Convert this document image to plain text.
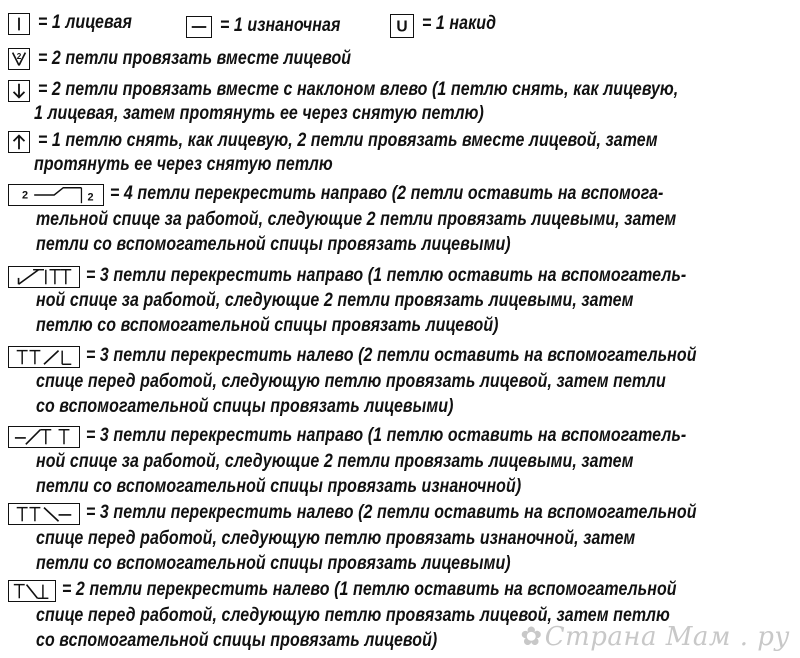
= 1 лицевая	= 1 изнаночная	U = 1 накид
2 = 2 петли провязать вместе лицевой
= 2 петли провязать вместе с наклоном влево (1 петлю снять, как лицевую,
1 лицевая, затем протянуть ее через снятую петлю)
= 1 петлю снять, как лицевую, 2 петли провязать вместе лицевой, затем
протянуть ее через снятую петлю
2	2 = 4 петли перекрестить направо (2 петли оставить на вспомога-
тельной спице за работой, следующие 2 петли провязать лицевыми, затем
петли со вспомогательной спицы провязать лицевыми)
= 3 петли перекрестить направо (1 петлю оставить на вспомогатель-
ной спице за работой, следующие 2 петли провязать лицевыми, затем
петлю со вспомогательной спицы провязать лицевой)
= 3 петли перекрестить налево (2 петли оставить на вспомогательной
спице перед работой, следующую петлю провязать лицевой, затем петли
со вспомогательной спицы провязать лицевыми)
= 3 петли перекрестить направо (1 петлю оставить на вспомогатель-
ной спице за работой, следующие 2 петли провязать лицевыми, затем
петли со вспомогательной спицы провязать изнаночной)
= 3 петли перекрестить налево (2 петли оставить на вспомогательной
спице перед работой, следующую петлю провязать изнаночной, затем
петли со вспомогательной спицы провязать лицевыми)
= 2 петли перекрестить налево (1 петлю оставить на вспомогательной
спице перед работой, следующую петлю провязать лицевой, затем петлю
со вспомогательной спицы провязать лицевой)	✿Страна Мам . ру
